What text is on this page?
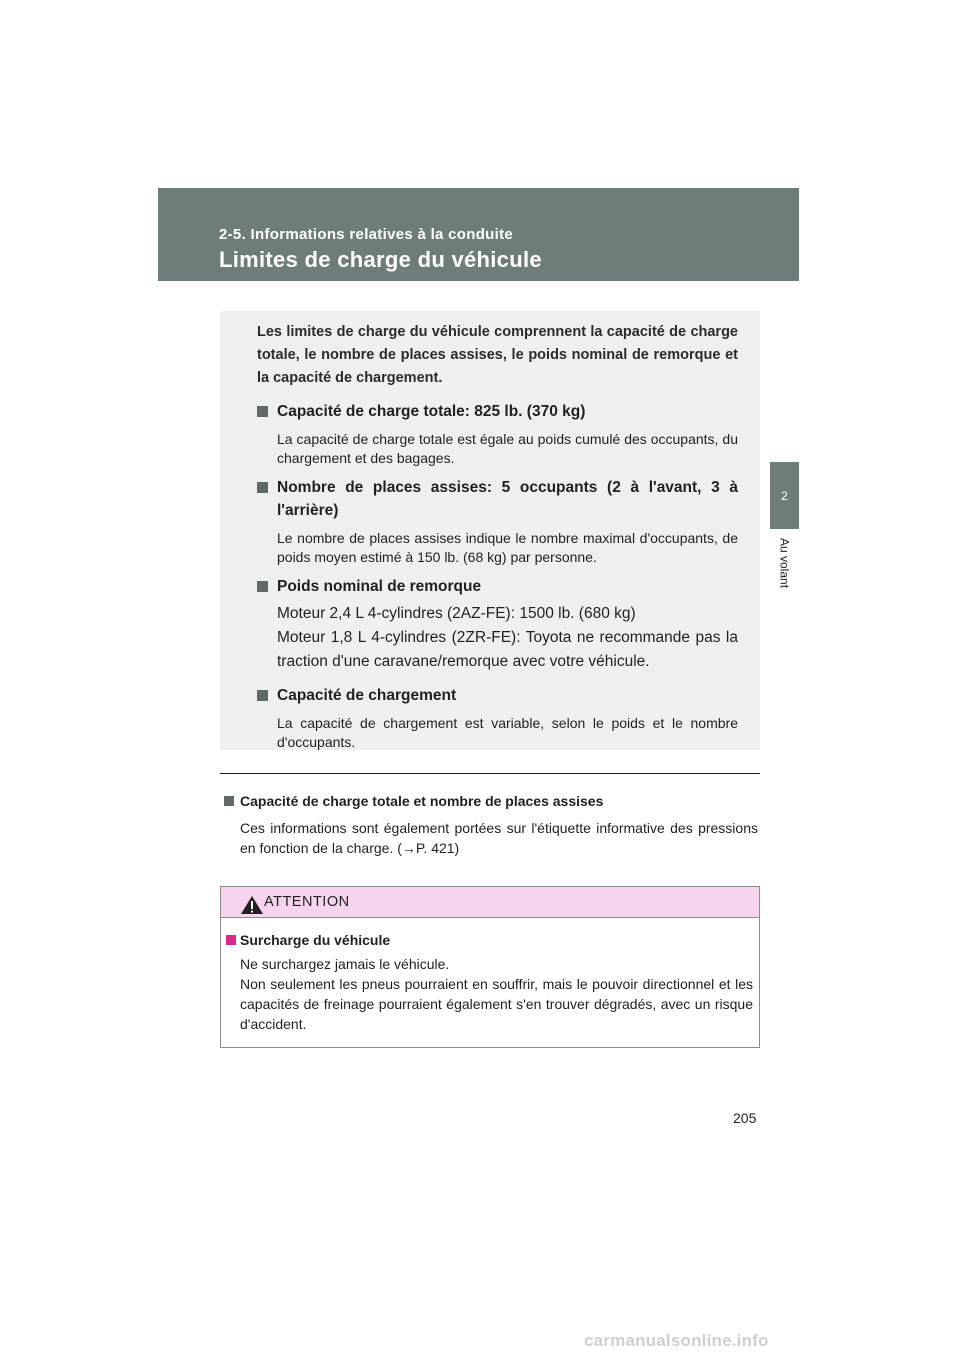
2-5. Informations relatives à la conduite
Limites de charge du véhicule
2
Au volant

Les limites de charge du véhicule comprennent la capacité de charge totale, le nombre de places assises, le poids nominal de remorque et la capacité de chargement.

Capacité de charge totale: 825 lb. (370 kg)
La capacité de charge totale est égale au poids cumulé des occupants, du chargement et des bagages.
Nombre de places assises: 5 occupants (2 à l'avant, 3 à l'arrière)
Le nombre de places assises indique le nombre maximal d'occupants, de poids moyen estimé à 150 lb. (68 kg) par personne.
Poids nominal de remorque
Moteur 2,4 L 4-cylindres (2AZ-FE): 1500 lb. (680 kg)
Moteur 1,8 L 4-cylindres (2ZR-FE): Toyota ne recommande pas la traction d'une caravane/remorque avec votre véhicule.
Capacité de chargement
La capacité de chargement est variable, selon le poids et le nombre d'occupants.
Capacité de charge totale et nombre de places assises
Ces informations sont également portées sur l'étiquette informative des pressions en fonction de la charge. (→P. 421)
ATTENTION
Surcharge du véhicule
Ne surchargez jamais le véhicule.
Non seulement les pneus pourraient en souffrir, mais le pouvoir directionnel et les capacités de freinage pourraient également s'en trouver dégradés, avec un risque d'accident.
205
carmanualsonline.info
